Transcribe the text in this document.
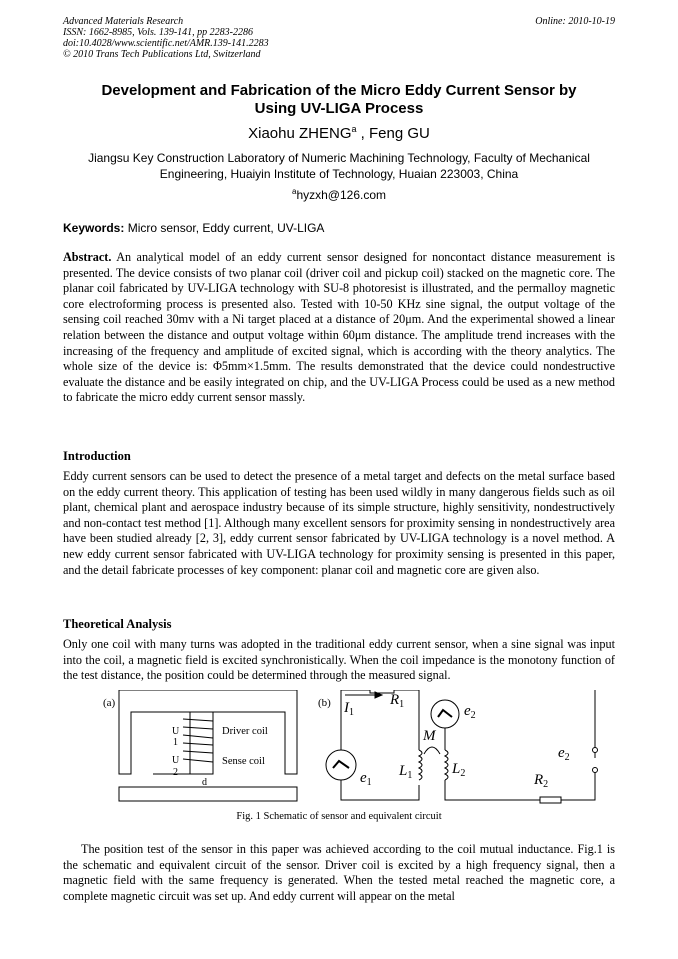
Advanced Materials Research
ISSN: 1662-8985, Vols. 139-141, pp 2283-2286
doi:10.4028/www.scientific.net/AMR.139-141.2283
© 2010 Trans Tech Publications Ltd, Switzerland
Online: 2010-10-19
Development and Fabrication of the Micro Eddy Current Sensor by Using UV-LIGA Process
Xiaohu ZHENG$^a$ , Feng GU
Jiangsu Key Construction Laboratory of Numeric Machining Technology, Faculty of Mechanical Engineering, Huaiyin Institute of Technology, Huaian 223003, China
$^a$hyzxh@126.com
Keywords: Micro sensor, Eddy current, UV-LIGA
Abstract. An analytical model of an eddy current sensor designed for noncontact distance measurement is presented. The device consists of two planar coil (driver coil and pickup coil) stacked on the magnetic core. The planar coil fabricated by UV-LIGA technology with SU-8 photoresist is illustrated, and the permalloy magnetic core electroforming process is presented also. Tested with 10-50 KHz sine signal, the output voltage of the sensing coil reached 30mv with a Ni target placed at a distance of 20μm. And the experimental showed a linear relation between the distance and output voltage within 60μm distance. The amplitude trend increases with the increasing of the frequency and amplitude of excited signal, which is according with the theory analytics. The whole size of the device is: Φ5mm×1.5mm. The results demonstrated that the device could nondestructive evaluate the distance and be easily integrated on chip, and the UV-LIGA Process could be used as a new method to fabricate the micro eddy current sensor massly.
Introduction
Eddy current sensors can be used to detect the presence of a metal target and defects on the metal surface based on the eddy current theory. This application of testing has been used wildly in many dangerous fields such as oil plant, chemical plant and aerospace industry because of its simple structure, highly sensitivity, nondestructively and non-contact test method [1]. Although many excellent sensors for proximity sensing in nondestructively area have been studied already [2, 3], eddy current sensor fabricated by UV-LIGA technology is a novel method. A new eddy current sensor fabricated with UV-LIGA technology for proximity sensing is presented in this paper, and the detail fabricate processes of key component: planar coil and magnetic core are given also.
Theoretical Analysis
Only one coil with many turns was adopted in the traditional eddy current sensor, when a sine signal was input into the coil, a magnetic field is excited synchronistically. When the coil impedance is the monotony function of the test distance, the position could be determined through the measured signal.
(a)
U
1
U
2
Driver coil
Sense coil
d
(b) $I_1$
$R_1$	$e_2$
M
$e_2$
$e_1$
$L_1$	$L_2$	$R_2$
Fig. 1 Schematic of sensor and equivalent circuit
The position test of the sensor in this paper was achieved according to the coil mutual inductance. Fig.1 is the schematic and equivalent circuit of the sensor. Driver coil is excited by a high frequency signal, then a magnetic field with the same frequency is generated. When the tested metal reached the magnetic core, a complete magnetic circuit was set up. And eddy current will appear on the metal
